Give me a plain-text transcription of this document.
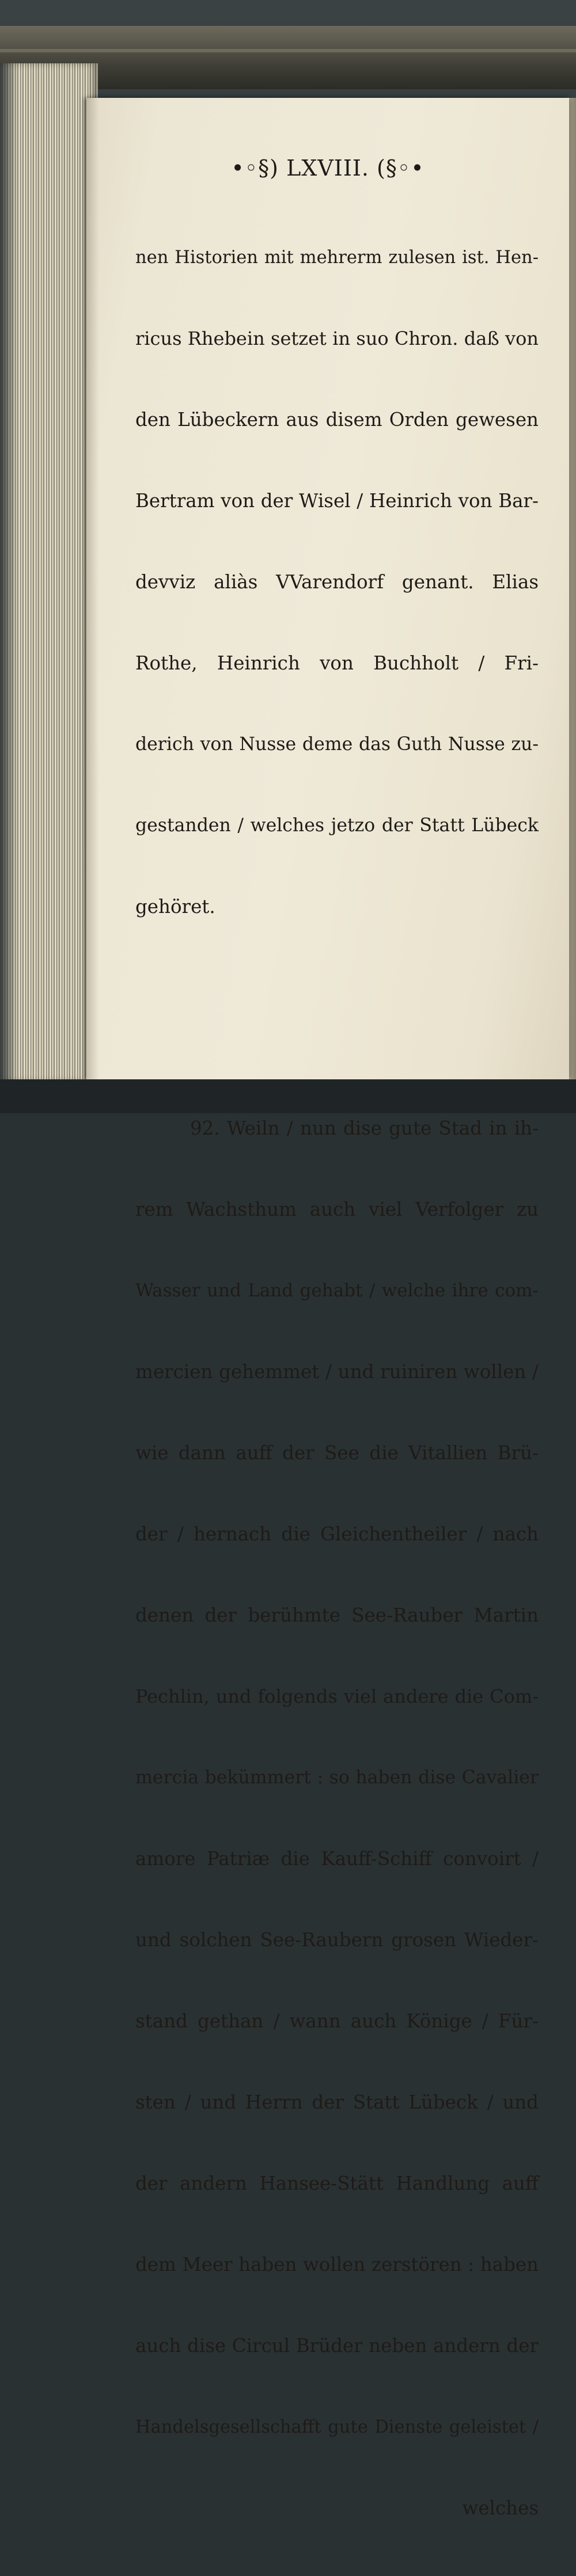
•◦§) LXVIII. (§◦•

nen Historien mit mehrerm zulesen ist. Hen-

ricus Rhebein setzet in suo Chron. daß von

den Lübeckern aus disem Orden gewesen

Bertram von der Wisel / Heinrich von Bar-

devviz aliàs VVarendorf genant. Elias

Rothe, Heinrich von Buchholt / Fri-

derich von Nusse deme das Guth Nusse zu-

gestanden / welches jetzo der Statt Lübeck

gehöret.

92. Weiln / nun dise gute Stad in ih-

rem Wachsthum auch viel Verfolger zu

Wasser und Land gehabt / welche ihre com-

mercien gehemmet / und ruiniren wollen /

wie dann auff der See die Vitallien Brü-

der / hernach die Gleichentheiler / nach

denen der berühmte See-Rauber Martin

Pechlin, und folgends viel andere die Com-

mercia bekümmert : so haben dise Cavalier

amore Patriæ die Kauff-Schiff convoirt /

und solchen See-Raubern grosen Wieder-

stand gethan / wann auch Könige / Für-

sten / und Herrn der Statt Lübeck / und

der andern Hansee-Stätt Handlung auff

dem Meer haben wollen zerstören : haben

auch dise Circul Brüder neben andern der

Handelsgesellschafft gute Dienste geleistet /

welches
